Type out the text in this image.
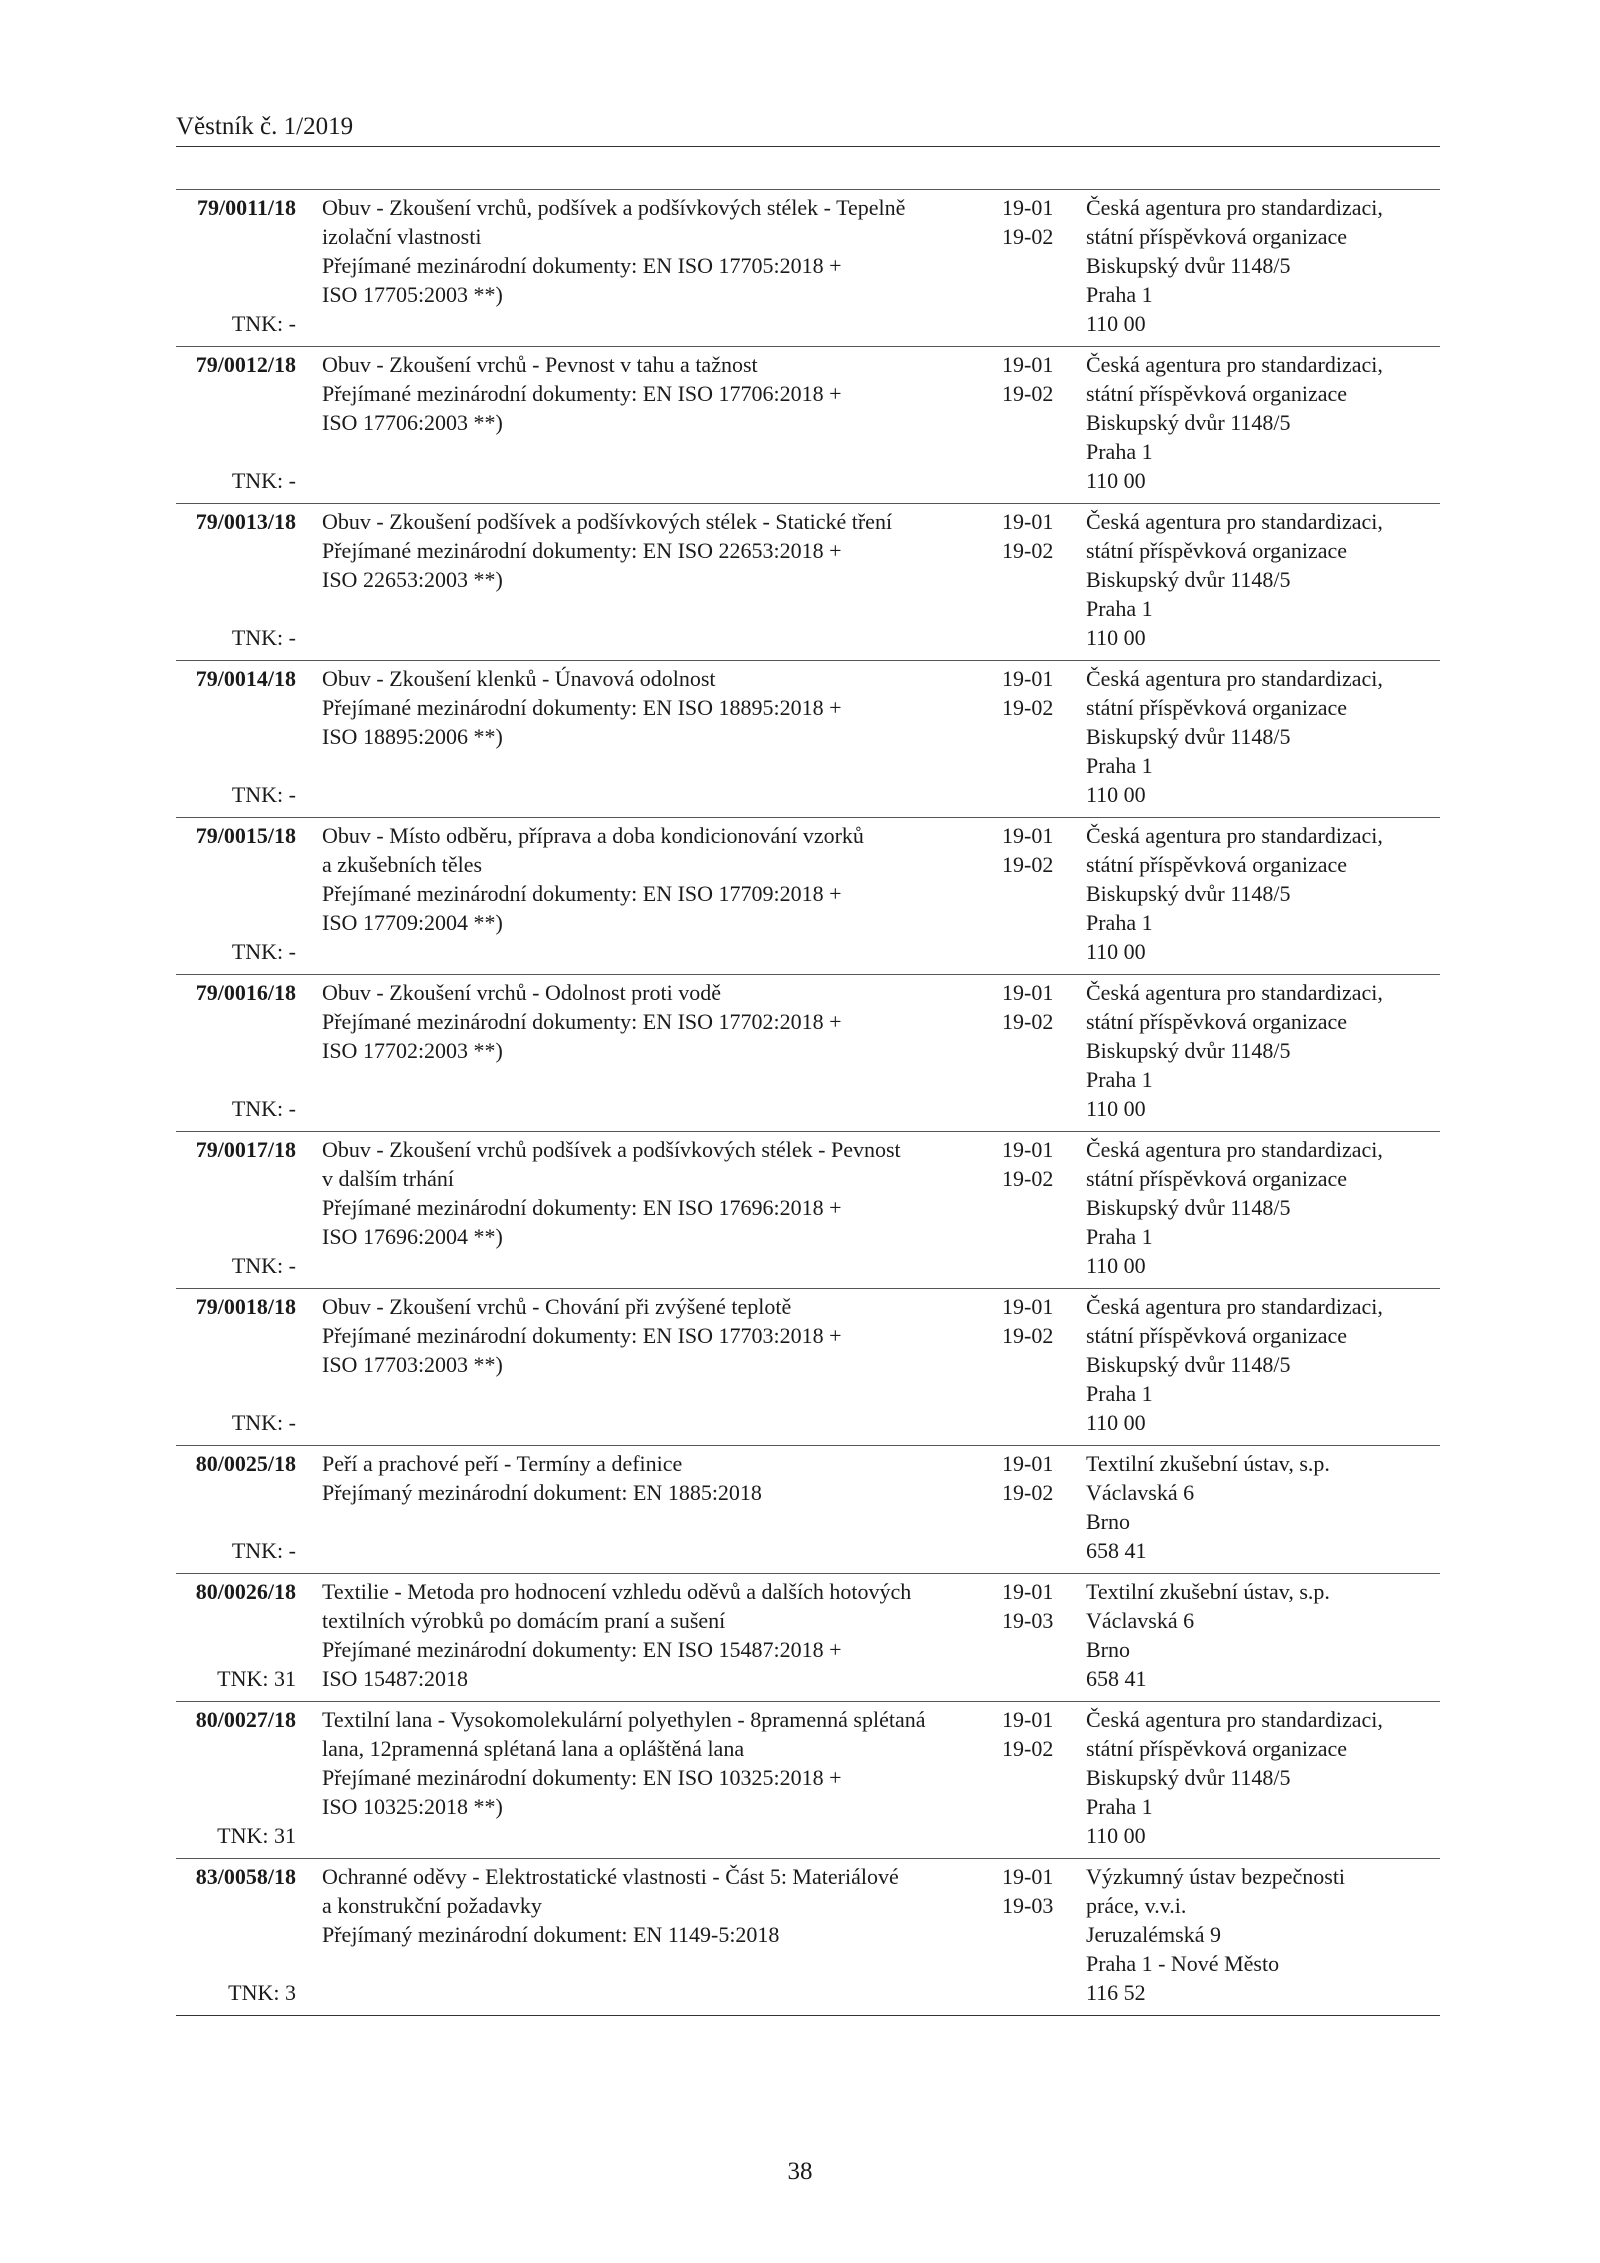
Věstník č. 1/2019
79/0011/18
TNK: -
Obuv - Zkoušení vrchů, podšívek a podšívkových stélek - Tepelně
izolační vlastnosti
Přejímané mezinárodní dokumenty: EN ISO 17705:2018 +
ISO 17705:2003 **)
19-01
19-02
Česká agentura pro standardizaci,
státní příspěvková organizace
Biskupský dvůr 1148/5
Praha 1
110 00
79/0012/18
TNK: -
Obuv - Zkoušení vrchů - Pevnost v tahu a tažnost
Přejímané mezinárodní dokumenty: EN ISO 17706:2018 +
ISO 17706:2003 **)
19-01
19-02
Česká agentura pro standardizaci,
státní příspěvková organizace
Biskupský dvůr 1148/5
Praha 1
110 00
79/0013/18
TNK: -
Obuv - Zkoušení podšívek a podšívkových stélek - Statické tření
Přejímané mezinárodní dokumenty: EN ISO 22653:2018 +
ISO 22653:2003 **)
19-01
19-02
Česká agentura pro standardizaci,
státní příspěvková organizace
Biskupský dvůr 1148/5
Praha 1
110 00
79/0014/18
TNK: -
Obuv - Zkoušení klenků - Únavová odolnost
Přejímané mezinárodní dokumenty: EN ISO 18895:2018 +
ISO 18895:2006 **)
19-01
19-02
Česká agentura pro standardizaci,
státní příspěvková organizace
Biskupský dvůr 1148/5
Praha 1
110 00
79/0015/18
TNK: -
Obuv - Místo odběru, příprava a doba kondicionování vzorků
a zkušebních těles
Přejímané mezinárodní dokumenty: EN ISO 17709:2018 +
ISO 17709:2004 **)
19-01
19-02
Česká agentura pro standardizaci,
státní příspěvková organizace
Biskupský dvůr 1148/5
Praha 1
110 00
79/0016/18
TNK: -
Obuv - Zkoušení vrchů - Odolnost proti vodě
Přejímané mezinárodní dokumenty: EN ISO 17702:2018 +
ISO 17702:2003 **)
19-01
19-02
Česká agentura pro standardizaci,
státní příspěvková organizace
Biskupský dvůr 1148/5
Praha 1
110 00
79/0017/18
TNK: -
Obuv - Zkoušení vrchů podšívek a podšívkových stélek - Pevnost
v dalším trhání
Přejímané mezinárodní dokumenty: EN ISO 17696:2018 +
ISO 17696:2004 **)
19-01
19-02
Česká agentura pro standardizaci,
státní příspěvková organizace
Biskupský dvůr 1148/5
Praha 1
110 00
79/0018/18
TNK: -
Obuv - Zkoušení vrchů - Chování při zvýšené teplotě
Přejímané mezinárodní dokumenty: EN ISO 17703:2018 +
ISO 17703:2003 **)
19-01
19-02
Česká agentura pro standardizaci,
státní příspěvková organizace
Biskupský dvůr 1148/5
Praha 1
110 00
80/0025/18
TNK: -
Peří a prachové peří - Termíny a definice
Přejímaný mezinárodní dokument: EN 1885:2018
19-01
19-02
Textilní zkušební ústav, s.p.
Václavská 6
Brno
658 41
80/0026/18
TNK: 31
Textilie - Metoda pro hodnocení vzhledu oděvů a dalších hotových
textilních výrobků po domácím praní a sušení
Přejímané mezinárodní dokumenty: EN ISO 15487:2018 +
ISO 15487:2018
19-01
19-03
Textilní zkušební ústav, s.p.
Václavská 6
Brno
658 41
80/0027/18
TNK: 31
Textilní lana - Vysokomolekulární polyethylen - 8pramenná splétaná
lana, 12pramenná splétaná lana a opláštěná lana
Přejímané mezinárodní dokumenty: EN ISO 10325:2018 +
ISO 10325:2018 **)
19-01
19-02
Česká agentura pro standardizaci,
státní příspěvková organizace
Biskupský dvůr 1148/5
Praha 1
110 00
83/0058/18
TNK: 3
Ochranné oděvy - Elektrostatické vlastnosti - Část 5: Materiálové
a konstrukční požadavky
Přejímaný mezinárodní dokument: EN 1149-5:2018
19-01
19-03
Výzkumný ústav bezpečnosti
práce, v.v.i.
Jeruzalémská 9
Praha 1 - Nové Město
116 52
38
